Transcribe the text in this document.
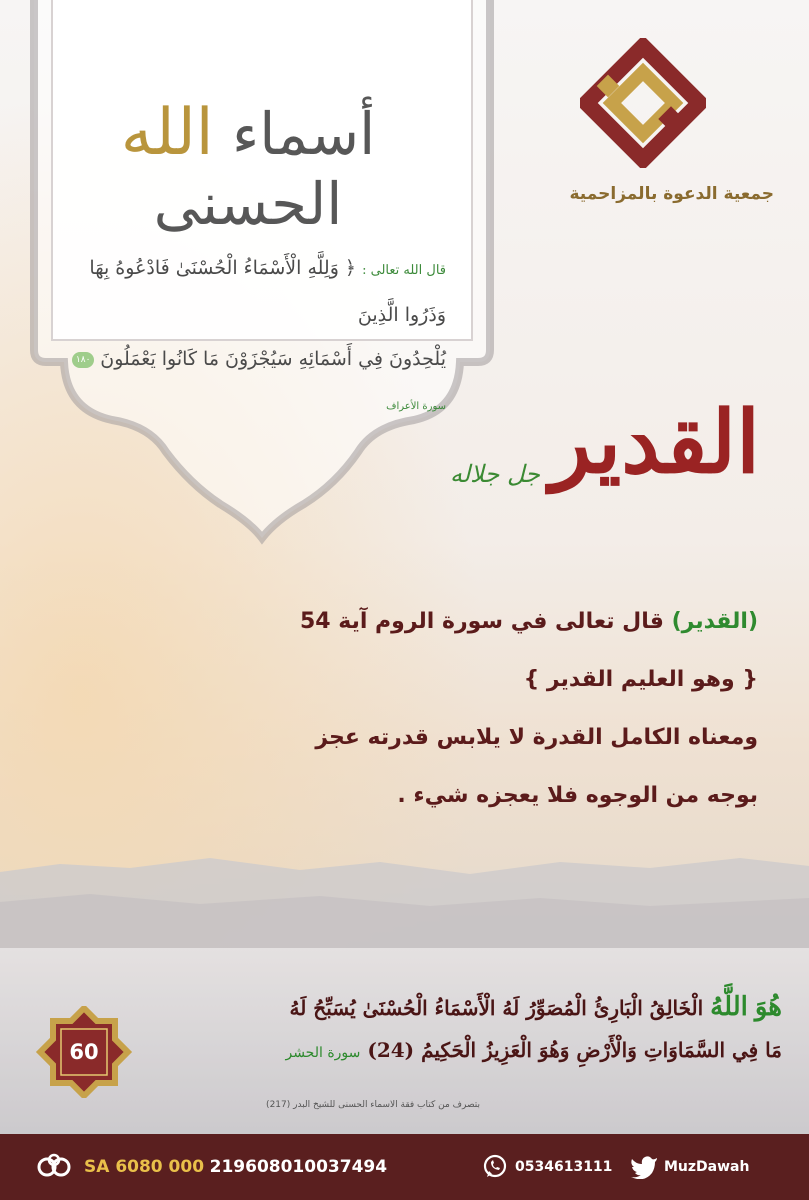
أسماء الله الحسنى
قال الله تعالى : ﴿ وَلِلَّهِ الْأَسْمَاءُ الْحُسْنَىٰ فَادْعُوهُ بِهَا وَذَرُوا الَّذِينَ
يُلْحِدُونَ فِي أَسْمَائِهِ سَيُجْزَوْنَ مَا كَانُوا يَعْمَلُونَ ١٨٠ سورة الأعراف
جمعية الدعوة بالمزاحمية
القدير
جل جلاله
(القدير) قال تعالى في سورة الروم آية 54
{ وهو العليم القدير }
ومعناه الكامل القدرة لا يلابس قدرته عجز
بوجه من الوجوه فلا يعجزه شيء .
هُوَ اللَّهُ الْخَالِقُ الْبَارِئُ الْمُصَوِّرُ لَهُ الْأَسْمَاءُ الْحُسْنَىٰ يُسَبِّحُ لَهُ
مَا فِي السَّمَاوَاتِ وَالْأَرْضِ وَهُوَ الْعَزِيزُ الْحَكِيمُ (24) سورة الحشر
بتصرف من كتاب فقة الاسماء الحسنى للشيخ البدر (217)
60
SA 6080 000 219608010037494	0534613111	MuzDawah
